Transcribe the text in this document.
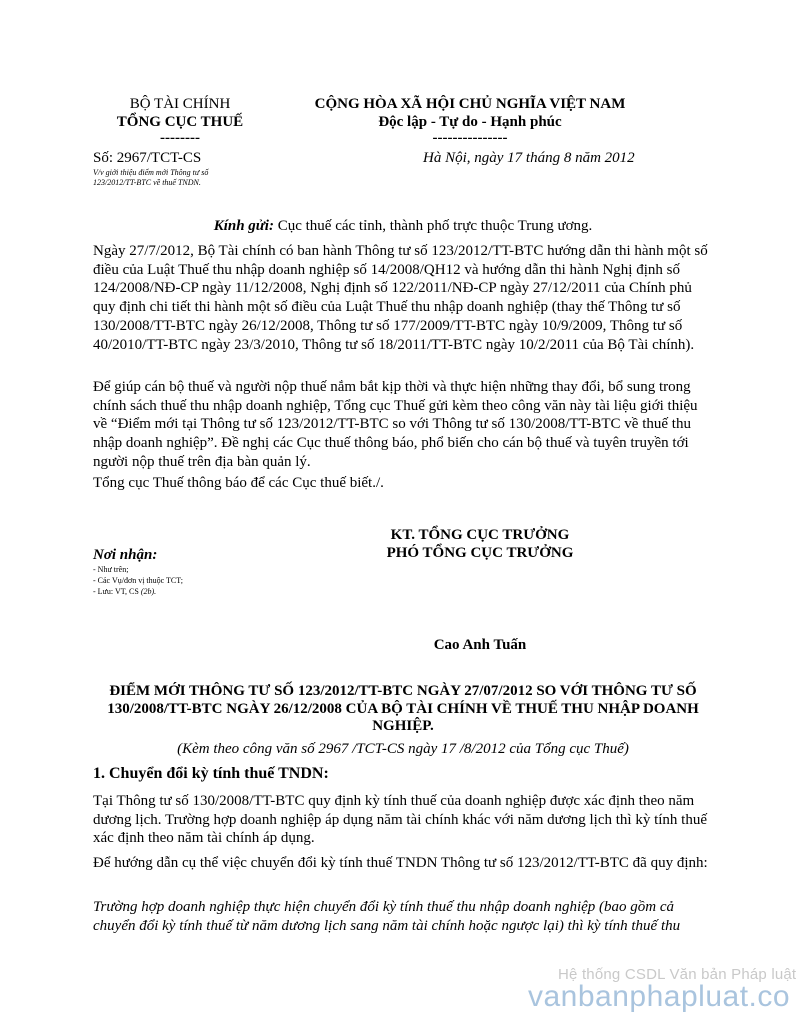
BỘ TÀI CHÍNH
TỔNG CỤC THUẾ
--------
Số: 2967/TCT-CS
V/v giới thiệu điểm mới Thông tư số
123/2012/TT-BTC về thuế TNDN.
CỘNG HÒA XÃ HỘI CHỦ NGHĨA VIỆT NAM
Độc lập - Tự do - Hạnh phúc
---------------
Hà Nội, ngày 17 tháng 8 năm 2012
Kính gửi: Cục thuế các tỉnh, thành phố trực thuộc Trung ương.
Ngày 27/7/2012, Bộ Tài chính có ban hành Thông tư số 123/2012/TT-BTC hướng dẫn thi hành một số điều của Luật Thuế thu nhập doanh nghiệp số 14/2008/QH12 và hướng dẫn thi hành Nghị định số 124/2008/NĐ-CP ngày 11/12/2008, Nghị định số 122/2011/NĐ-CP ngày 27/12/2011 của Chính phủ quy định chi tiết thi hành một số điều của Luật Thuế thu nhập doanh nghiệp (thay thế Thông tư số 130/2008/TT-BTC ngày 26/12/2008, Thông tư số 177/2009/TT-BTC ngày 10/9/2009, Thông tư số 40/2010/TT-BTC ngày 23/3/2010, Thông tư số 18/2011/TT-BTC ngày 10/2/2011 của Bộ Tài chính).
Để giúp cán bộ thuế và người nộp thuế nắm bắt kịp thời và thực hiện những thay đổi, bổ sung trong chính sách thuế thu nhập doanh nghiệp, Tổng cục Thuế gửi kèm theo công văn này tài liệu giới thiệu về “Điểm mới tại Thông tư số 123/2012/TT-BTC so với Thông tư số 130/2008/TT-BTC về thuế thu nhập doanh nghiệp”. Đề nghị các Cục thuế thông báo, phổ biến cho cán bộ thuế và tuyên truyền tới người nộp thuế trên địa bàn quản lý.
Tổng cục Thuế thông báo để các Cục thuế biết./.
KT. TỔNG CỤC TRƯỞNG
PHÓ TỔNG CỤC TRƯỞNG
Nơi nhận:
- Như trên;
- Các Vụ/đơn vị thuộc TCT;
- Lưu: VT, CS (2b).
Cao Anh Tuấn
ĐIỂM MỚI THÔNG TƯ SỐ 123/2012/TT-BTC NGÀY 27/07/2012 SO VỚI THÔNG TƯ SỐ 130/2008/TT-BTC NGÀY 26/12/2008 CỦA BỘ TÀI CHÍNH VỀ THUẾ THU NHẬP DOANH NGHIỆP.
(Kèm theo công văn số 2967 /TCT-CS ngày 17 /8/2012 của Tổng cục Thuế)
1. Chuyển đổi kỳ tính thuế TNDN:
Tại Thông tư số 130/2008/TT-BTC quy định kỳ tính thuế của doanh nghiệp được xác định theo năm dương lịch. Trường hợp doanh nghiệp áp dụng năm tài chính khác với năm dương lịch thì kỳ tính thuế xác định theo năm tài chính áp dụng.
Để hướng dẫn cụ thể việc chuyển đổi kỳ tính thuế TNDN Thông tư số 123/2012/TT-BTC đã quy định:
Trường hợp doanh nghiệp thực hiện chuyển đổi kỳ tính thuế thu nhập doanh nghiệp (bao gồm cả chuyển đổi kỳ tính thuế từ năm dương lịch sang năm tài chính hoặc ngược lại) thì kỳ tính thuế thu
Hệ thống CSDL Văn bản Pháp luật
vanbanphapluat.co
